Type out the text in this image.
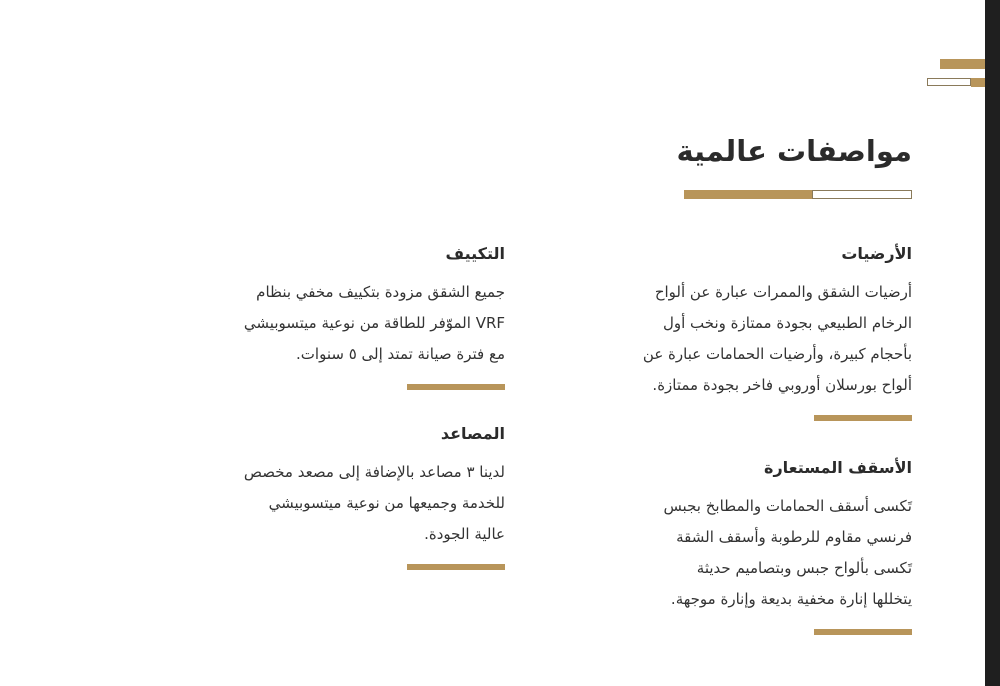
مواصفات عالمية
الأرضيات
أرضيات الشقق والممرات عبارة عن ألواح
الرخام الطبيعي بجودة ممتازة ونخب أول
بأحجام كبيرة، وأرضيات الحمامات عبارة عن
ألواح بورسلان أوروبي فاخر بجودة ممتازة.
الأسقف المستعارة
تَكسى أسقف الحمامات والمطابخ بجبس
فرنسي مقاوم للرطوبة وأسقف الشقة
تَكسى بألواح جبس وبتصاميم حديثة
يتخللها إنارة مخفية بديعة وإنارة موجهة.
التكييف
جميع الشقق مزودة بتكييف مخفي بنظام
VRF الموّفر للطاقة من نوعية ميتسوبيشي
مع فترة صيانة تمتد إلى ٥ سنوات.
المصاعد
لدينا ٣ مصاعد بالإضافة إلى مصعد مخصص
للخدمة وجميعها من نوعية ميتسوبيشي
عالية الجودة.
